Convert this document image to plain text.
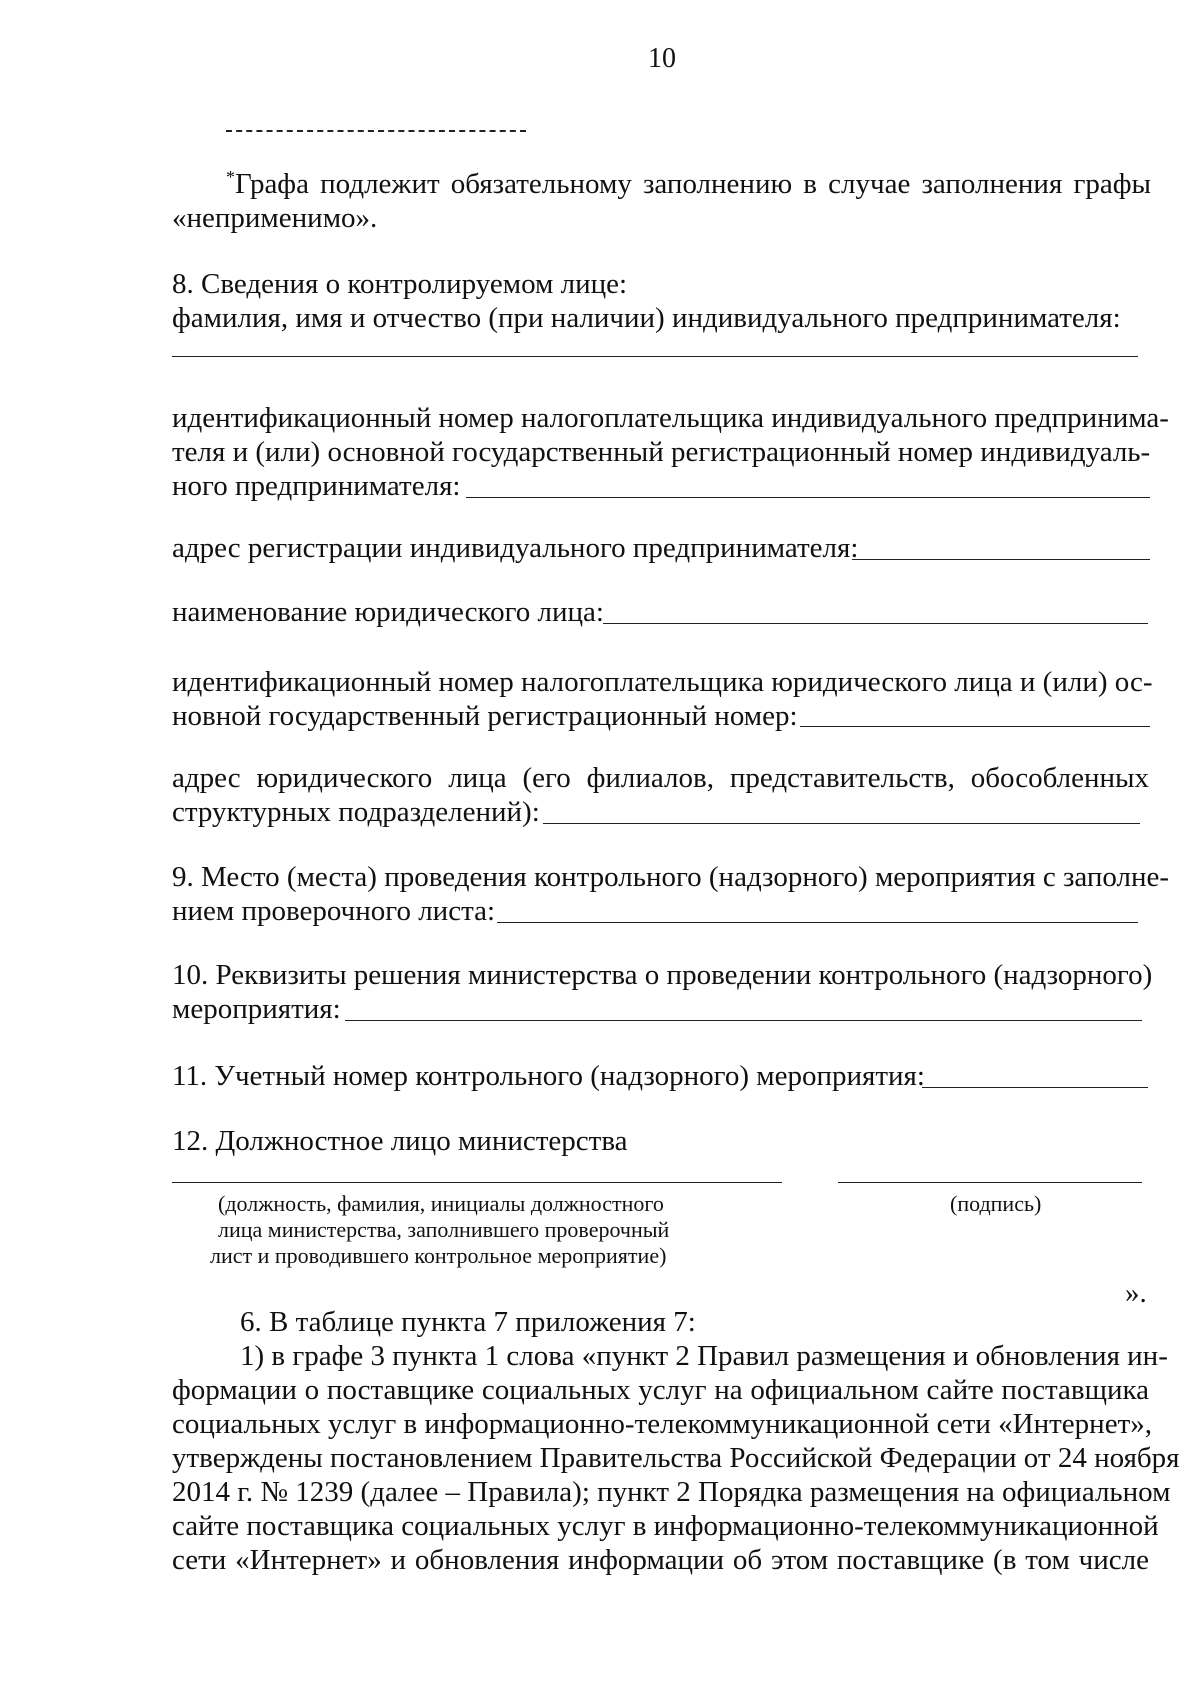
10
*Графа подлежит обязательному заполнению в случае заполнения графы
«неприменимо».
8. Сведения о контролируемом лице:
фамилия, имя и отчество (при наличии) индивидуального предпринимателя:
идентификационный номер налогоплательщика индивидуального предпринима-
теля и (или) основной государственный регистрационный номер индивидуаль-
ного предпринимателя:
адрес регистрации индивидуального предпринимателя:
наименование юридического лица:
идентификационный номер налогоплательщика юридического лица и (или) ос-
новной государственный регистрационный номер:
адрес юридического лица (его филиалов, представительств, обособленных
структурных подразделений):
9. Место (места) проведения контрольного (надзорного) мероприятия с заполне-
нием проверочного листа:
10. Реквизиты решения министерства о проведении контрольного (надзорного)
мероприятия:
11. Учетный номер контрольного (надзорного) мероприятия:
12. Должностное лицо министерства
(должность, фамилия, инициалы должностного
лица министерства, заполнившего проверочный
лист и проводившего контрольное мероприятие)
(подпись)
».
6. В таблице пункта 7 приложения 7:
1) в графе 3 пункта 1 слова «пункт 2 Правил размещения и обновления ин-
формации о поставщике социальных услуг на официальном сайте поставщика
социальных услуг в информационно-телекоммуникационной сети «Интернет»,
утверждены постановлением Правительства Российской Федерации от 24 ноября
2014 г. № 1239 (далее – Правила); пункт 2 Порядка размещения на официальном
сайте поставщика социальных услуг в информационно-телекоммуникационной
сети «Интернет» и обновления информации об этом поставщике (в том числе
